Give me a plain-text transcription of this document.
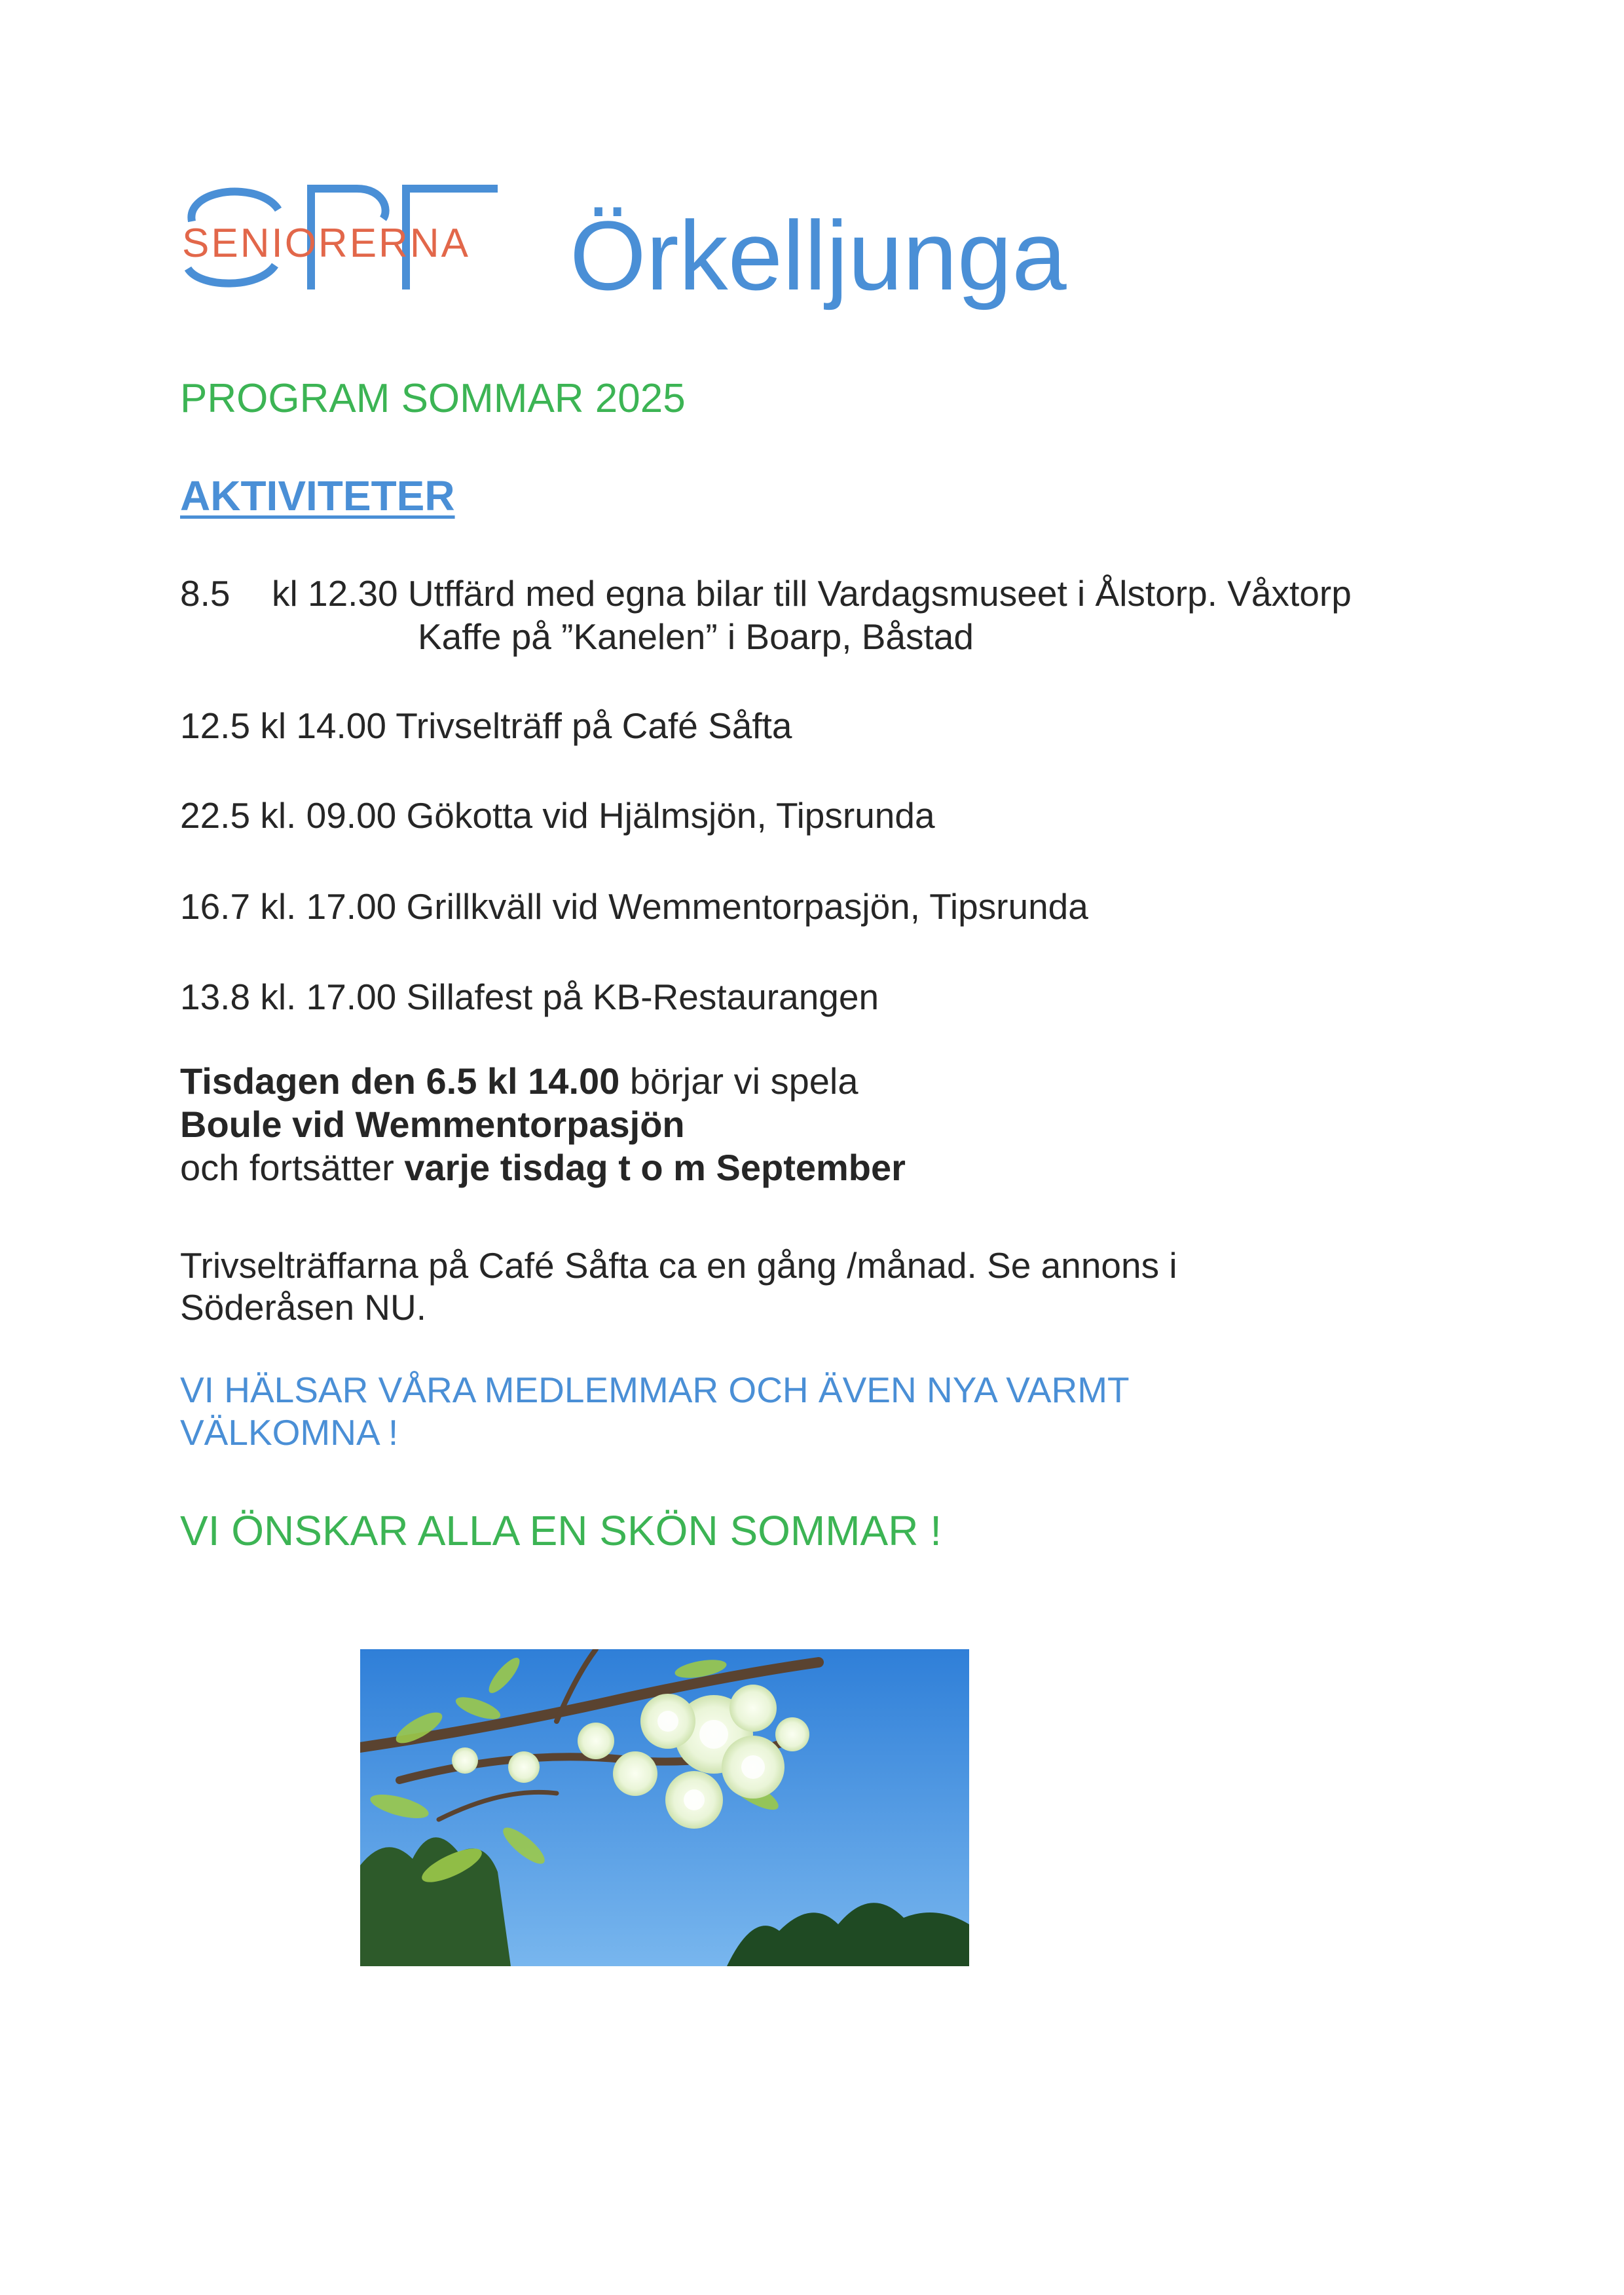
SENIORERNA Örkelljunga
PROGRAM SOMMAR 2025
AKTIVITETER
8.5 kl 12.30 Utffärd med egna bilar till Vardagsmuseet i Ålstorp. Våxtorp
Kaffe på ”Kanelen” i Boarp, Båstad
12.5 kl 14.00 Trivselträff på Café Såfta
22.5 kl. 09.00 Gökotta vid Hjälmsjön, Tipsrunda
16.7 kl. 17.00 Grillkväll vid Wemmentorpasjön, Tipsrunda
13.8 kl. 17.00 Sillafest på KB-Restaurangen
Tisdagen den 6.5 kl 14.00 börjar vi spela
Boule vid Wemmentorpasjön
och fortsätter varje tisdag t o m September
Trivselträffarna på Café Såfta ca en gång /månad. Se annons i
Söderåsen NU.
VI HÄLSAR VÅRA MEDLEMMAR OCH ÄVEN NYA VARMT
VÄLKOMNA !
VI ÖNSKAR ALLA EN SKÖN SOMMAR !
